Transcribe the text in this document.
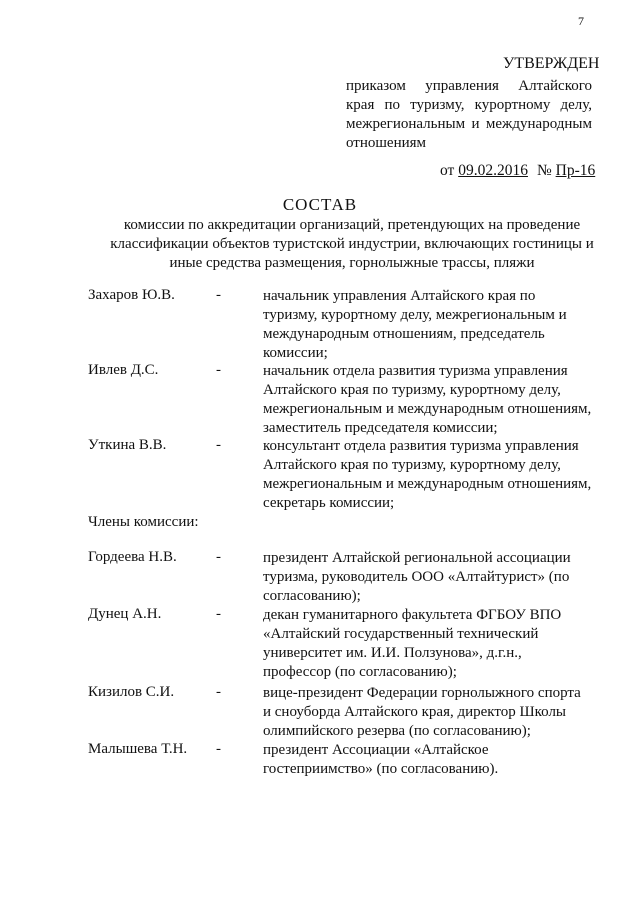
7
УТВЕРЖДЕН
приказом управления Алтайского
края по туризму, курортному делу,
межрегиональным и международным
отношениям
от 09.02.2016 № Пр-16
СОСТАВ
комиссии по аккредитации организаций, претендующих на проведение
классификации объектов туристской индустрии, включающих гостиницы и
иные средства размещения, горнолыжные трассы, пляжи
Захаров Ю.В.	-	начальник управления Алтайского края по
туризму, курортному делу, межрегиональным и
международным отношениям, председатель
комиссии;
Ивлев Д.С.	-	начальник отдела развития туризма управления
Алтайского края по туризму, курортному делу,
межрегиональным и международным отношениям,
заместитель председателя комиссии;
Уткина В.В.	-	консультант отдела развития туризма управления
Алтайского края по туризму, курортному делу,
межрегиональным и международным отношениям,
секретарь комиссии;
Члены комиссии:
Гордеева Н.В.	-	президент Алтайской региональной ассоциации
туризма, руководитель ООО «Алтайтурист» (по
согласованию);
Дунец А.Н.	-	декан гуманитарного факультета ФГБОУ ВПО
«Алтайский государственный технический
университет им. И.И. Ползунова», д.г.н.,
профессор (по согласованию);
Кизилов С.И.	-	вице-президент Федерации горнолыжного спорта
и сноуборда Алтайского края, директор Школы
олимпийского резерва (по согласованию);
Малышева Т.Н. -	президент Ассоциации «Алтайское
гостеприимство» (по согласованию).
